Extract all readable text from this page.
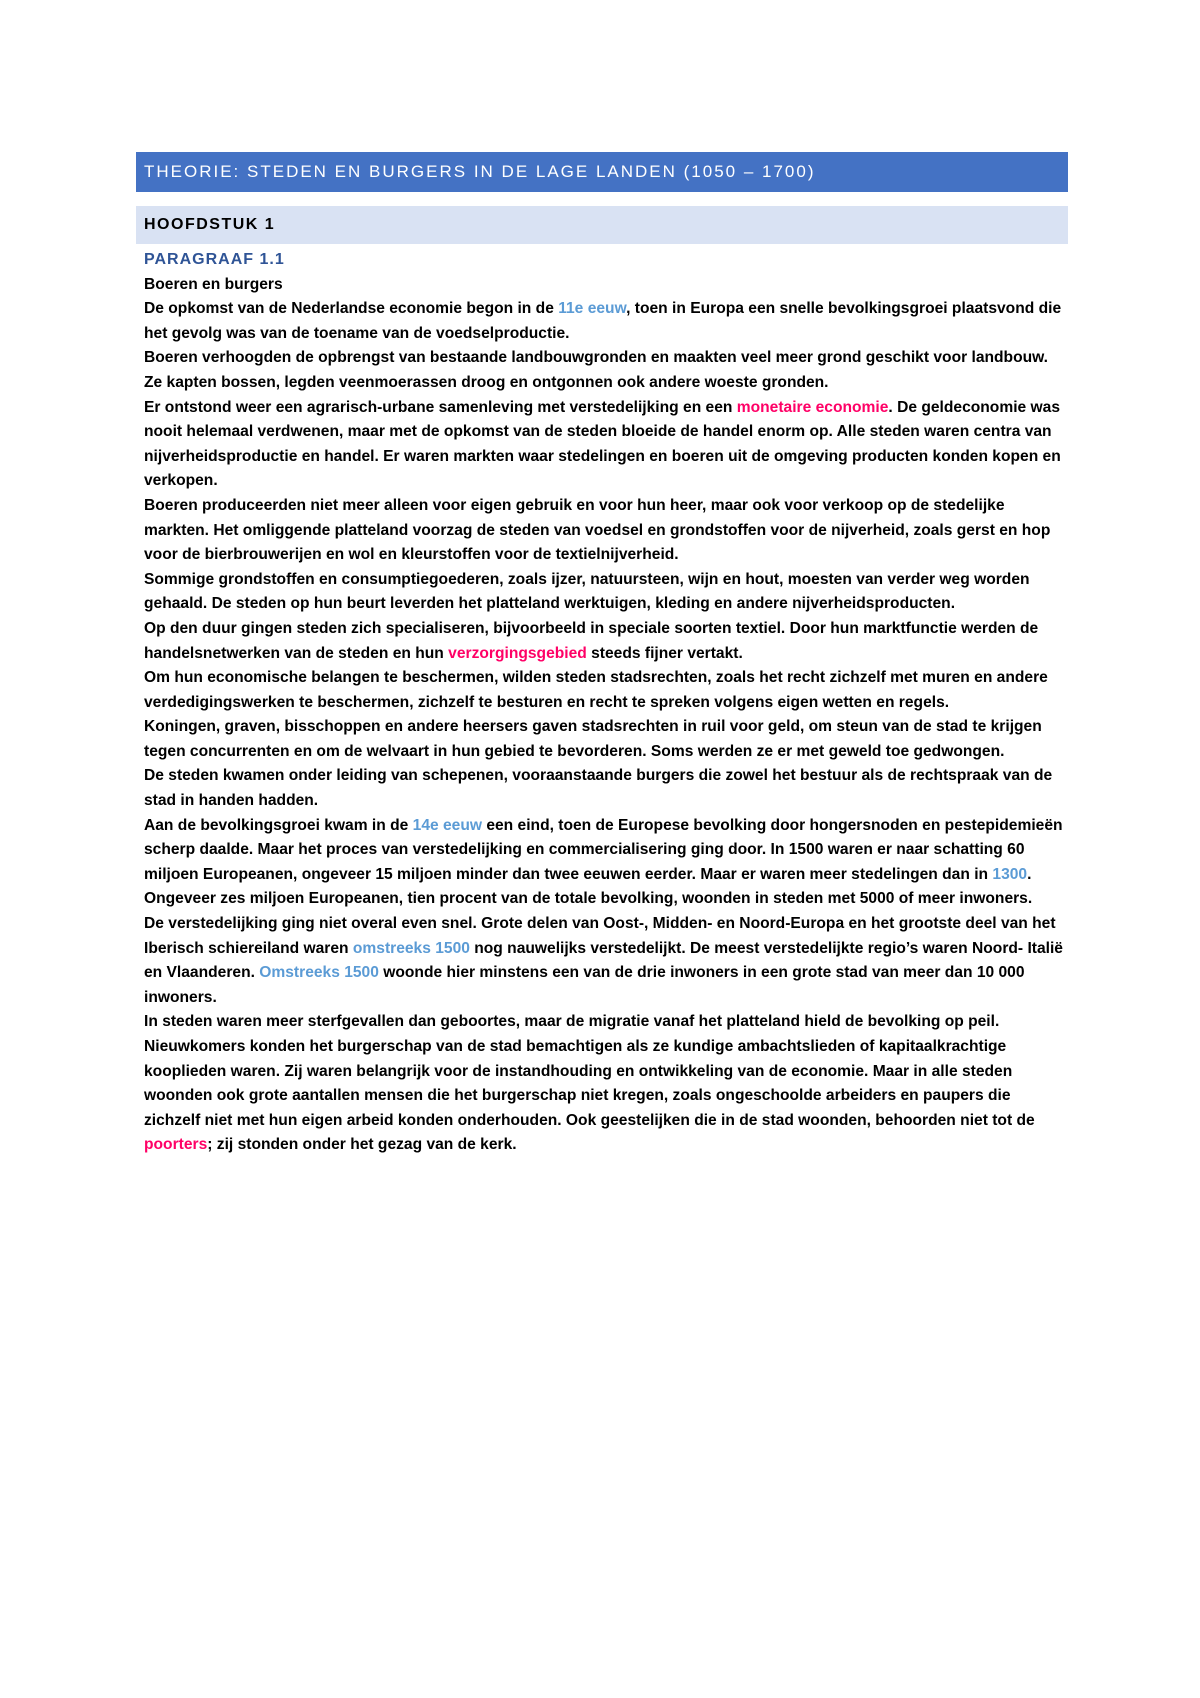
THEORIE: STEDEN EN BURGERS IN DE LAGE LANDEN (1050 – 1700)
HOOFDSTUK 1

PARAGRAAF 1.1

Boeren en burgers

De opkomst van de Nederlandse economie begon in de 11e eeuw, toen in Europa een snelle bevolkingsgroei plaatsvond die het gevolg was van de toename van de voedselproductie.

Boeren verhoogden de opbrengst van bestaande landbouwgronden en maakten veel meer grond geschikt voor landbouw.

Ze kapten bossen, legden veenmoerassen droog en ontgonnen ook andere woeste gronden.

Er ontstond weer een agrarisch-urbane samenleving met verstedelijking en een monetaire economie. De geldeconomie was nooit helemaal verdwenen, maar met de opkomst van de steden bloeide de handel enorm op. Alle steden waren centra van nijverheidsproductie en handel. Er waren markten waar stedelingen en boeren uit de omgeving producten konden kopen en verkopen.

Boeren produceerden niet meer alleen voor eigen gebruik en voor hun heer, maar ook voor verkoop op de stedelijke markten. Het omliggende platteland voorzag de steden van voedsel en grondstoffen voor de nijverheid, zoals gerst en hop voor de bierbrouwerijen en wol en kleurstoffen voor de textielnijverheid.

Sommige grondstoffen en consumptiegoederen, zoals ijzer, natuursteen, wijn en hout, moesten van verder weg worden gehaald. De steden op hun beurt leverden het platteland werktuigen, kleding en andere nijverheidsproducten.

Op den duur gingen steden zich specialiseren, bijvoorbeeld in speciale soorten textiel. Door hun marktfunctie werden de handelsnetwerken van de steden en hun verzorgingsgebied steeds fijner vertakt.

Om hun economische belangen te beschermen, wilden steden stadsrechten, zoals het recht zichzelf met muren en andere verdedigingswerken te beschermen, zichzelf te besturen en recht te spreken volgens eigen wetten en regels.

Koningen, graven, bisschoppen en andere heersers gaven stadsrechten in ruil voor geld, om steun van de stad te krijgen tegen concurrenten en om de welvaart in hun gebied te bevorderen. Soms werden ze er met geweld toe gedwongen.

De steden kwamen onder leiding van schepenen, vooraanstaande burgers die zowel het bestuur als de rechtspraak van de stad in handen hadden.

Aan de bevolkingsgroei kwam in de 14e eeuw een eind, toen de Europese bevolking door hongersnoden en pestepidemieën scherp daalde. Maar het proces van verstedelijking en commercialisering ging door. In 1500 waren er naar schatting 60 miljoen Europeanen, ongeveer 15 miljoen minder dan twee eeuwen eerder. Maar er waren meer stedelingen dan in 1300.

Ongeveer zes miljoen Europeanen, tien procent van de totale bevolking, woonden in steden met 5000 of meer inwoners.

De verstedelijking ging niet overal even snel. Grote delen van Oost-, Midden- en Noord-Europa en het grootste deel van het Iberisch schiereiland waren omstreeks 1500 nog nauwelijks verstedelijkt. De meest verstedelijkte regio’s waren Noord- Italië en Vlaanderen. Omstreeks 1500 woonde hier minstens een van de drie inwoners in een grote stad van meer dan 10 000 inwoners.

In steden waren meer sterfgevallen dan geboortes, maar de migratie vanaf het platteland hield de bevolking op peil. Nieuwkomers konden het burgerschap van de stad bemachtigen als ze kundige ambachtslieden of kapitaalkrachtige kooplieden waren. Zij waren belangrijk voor de instandhouding en ontwikkeling van de economie. Maar in alle steden woonden ook grote aantallen mensen die het burgerschap niet kregen, zoals ongeschoolde arbeiders en paupers die zichzelf niet met hun eigen arbeid konden onderhouden. Ook geestelijken die in de stad woonden, behoorden niet tot de poorters; zij stonden onder het gezag van de kerk.
